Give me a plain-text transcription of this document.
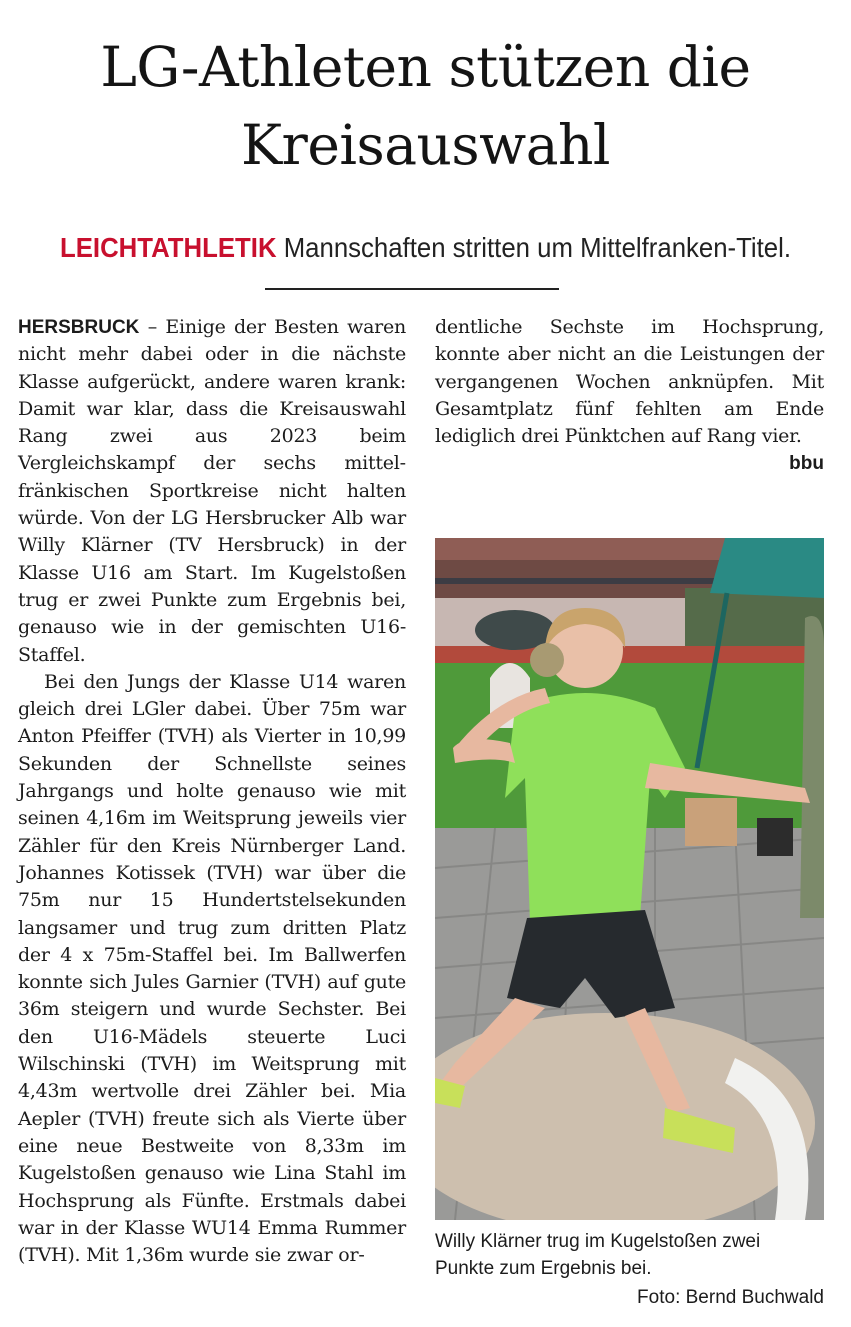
LG-Athleten stützen die
Kreisauswahl
LEICHTATHLETIK Mannschaften stritten um Mittelfranken-Titel.

HERSBRUCK – Einige der Besten waren nicht mehr dabei oder in die nächste Klasse aufgerückt, andere waren krank: Damit war klar, dass die Kreisauswahl Rang zwei aus 2023 beim Vergleichskampf der sechs mittelfränkischen Sportkreise nicht halten würde. Von der LG Hersbrucker Alb war Willy Klärner (TV Hersbruck) in der Klasse U16 am Start. Im Kugelstoßen trug er zwei Punkte zum Ergebnis bei, genauso wie in der gemischten U16-Staffel.

Bei den Jungs der Klasse U14 waren gleich drei LGler dabei. Über 75m war Anton Pfeiffer (TVH) als Vierter in 10,99 Sekunden der Schnellste seines Jahrgangs und holte genauso wie mit seinen 4,16m im Weitsprung jeweils vier Zähler für den Kreis Nürnberger Land. Johannes Kotissek (TVH) war über die 75m nur 15 Hundertstelsekunden langsamer und trug zum dritten Platz der 4 x 75m-Staffel bei. Im Ballwerfen konnte sich Jules Garnier (TVH) auf gute 36m steigern und wurde Sechster. Bei den U16-Mädels steuerte Luci Wilschinski (TVH) im Weitsprung mit 4,43m wertvolle drei Zähler bei. Mia Aepler (TVH) freute sich als Vierte über eine neue Bestweite von 8,33m im Kugelstoßen genauso wie Lina Stahl im Hochsprung als Fünfte. Erstmals dabei war in der Klasse WU14 Emma Rummer (TVH). Mit 1,36m wurde sie zwar or-

dentliche Sechste im Hochsprung, konnte aber nicht an die Leistungen der vergangenen Wochen anknüpfen. Mit Gesamtplatz fünf fehlten am Ende lediglich drei Pünktchen auf Rang vier.
bbu

Willy Klärner trug im Kugelstoßen zwei Punkte zum Ergebnis bei.
Foto: Bernd Buchwald
